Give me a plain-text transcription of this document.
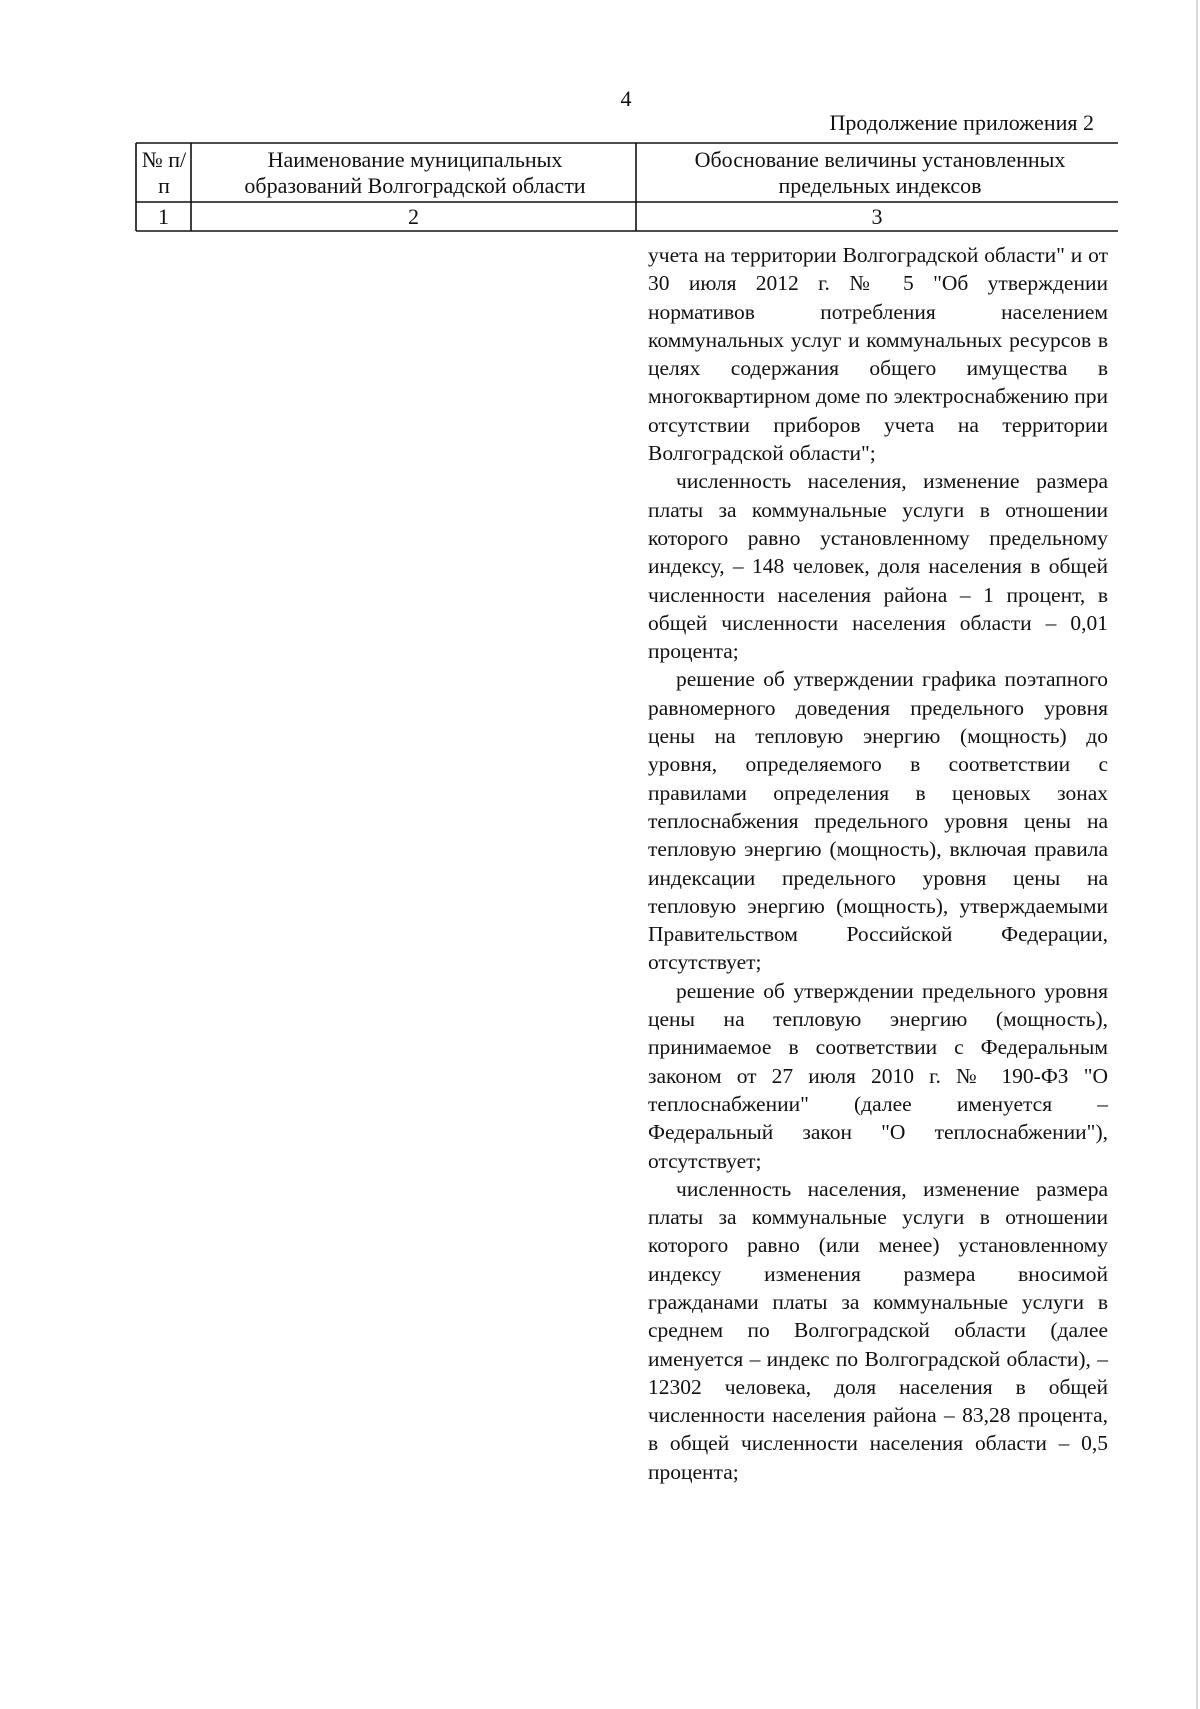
4
Продолжение приложения 2
№ п/п
Наименование муниципальных образований Волгоградской области
Обоснование величины установленных предельных индексов
1	2	3

учета на территории Волгоградской области" и от 30 июля 2012 г. № 5 "Об утверждении нормативов потребления населением коммунальных услуг и коммунальных ресурсов в целях содержания общего имущества в многоквартирном доме по электроснабжению при отсутствии приборов учета на территории Волгоградской области";

численность населения, изменение размера платы за коммунальные услуги в отношении которого равно установленному предельному индексу, – 148 человек, доля населения в общей численности населения района – 1 процент, в общей численности населения области – 0,01 процента;

решение об утверждении графика поэтапного равномерного доведения предельного уровня цены на тепловую энергию (мощность) до уровня, определяемого в соответствии с правилами определения в ценовых зонах теплоснабжения предельного уровня цены на тепловую энергию (мощность), включая правила индексации предельного уровня цены на тепловую энергию (мощность), утверждаемыми Правительством Российской Федерации, отсутствует;

решение об утверждении предельного уровня цены на тепловую энергию (мощность), принимаемое в соответствии с Федеральным законом от 27 июля 2010 г. № 190-ФЗ "О теплоснабжении" (далее именуется – Федеральный закон "О теплоснабжении"), отсутствует;

численность населения, изменение размера платы за коммунальные услуги в отношении которого равно (или менее) установленному индексу изменения размера вносимой гражданами платы за коммунальные услуги в среднем по Волгоградской области (далее именуется – индекс по Волгоградской области), – 12302 человека, доля населения в общей численности населения района – 83,28 процента, в общей численности населения области – 0,5 процента;
